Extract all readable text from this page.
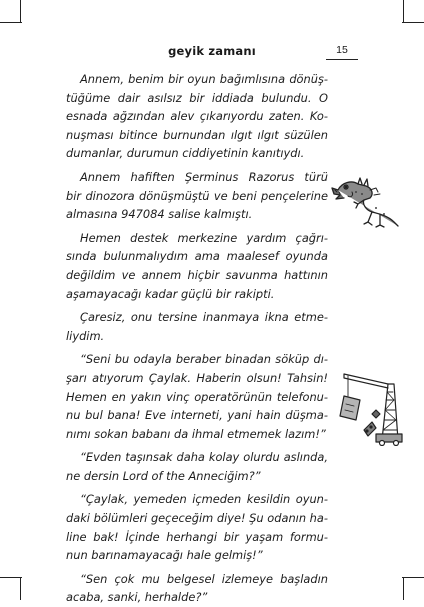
geyik zamanı	15
Annem, benim bir oyun bağımlısına dönüş-
tüğüme dair asılsız bir iddiada bulundu. O
esnada ağzından alev çıkarıyordu zaten. Ko-
nuşması bitince burnundan ılgıt ılgıt süzülen
dumanlar, durumun ciddiyetinin kanıtıydı.
Annem hafiften Şerminus Razorus türü
bir dinozora dönüşmüştü ve beni pençelerine
almasına 947084 salise kalmıştı.
Hemen destek merkezine yardım çağrı-
sında bulunmalıydım ama maalesef oyunda
değildim ve annem hiçbir savunma hattının
aşamayacağı kadar güçlü bir rakipti.
Çaresiz, onu tersine inanmaya ikna etme-
liydim.
“Seni bu odayla beraber binadan söküp dı-
şarı atıyorum Çaylak. Haberin olsun! Tahsin!
Hemen en yakın vinç operatörünün telefonu-
nu bul bana! Eve interneti, yani hain düşma-
nımı sokan babanı da ihmal etmemek lazım!”
“Evden taşınsak daha kolay olurdu aslında,
ne dersin Lord of the Anneciğim?”
“Çaylak, yemeden içmeden kesildin oyun-
daki bölümleri geçeceğim diye! Şu odanın ha-
line bak! İçinde herhangi bir yaşam formu-
nun barınamayacağı hale gelmiş!”
“Sen çok mu belgesel izlemeye başladın
acaba, sanki, herhalde?”
